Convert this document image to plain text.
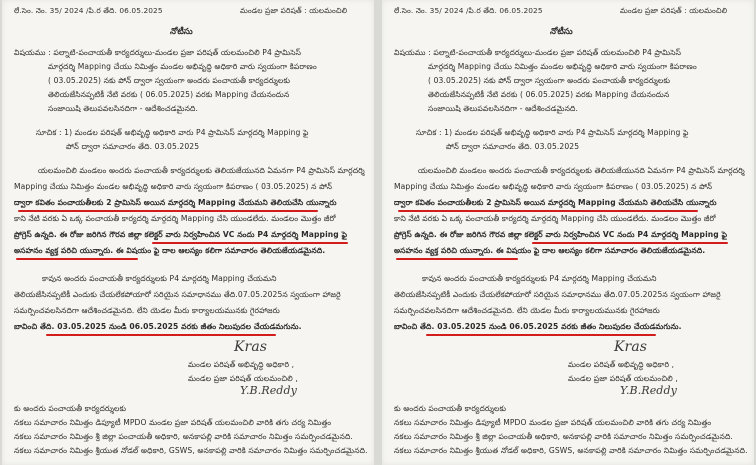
లే.సెం. నెం. 35/ 2024 /పి.ర తేది. 06.05.2025	మండల ప్రజా పరిషత్ : యలమంచిలి
నోటీసు
విషయము : పల్నాటి-పంచాయతీ కార్యదర్శులు-మండల ప్రజా పరిషత్ యలమంచిలి P4 ప్రామిసెస్
మార్గదర్శి Mapping చేయు నిమిత్తం మండల అభివృద్ధి అధికారి వారు స్వయంగా కిపరాణం
( 03.05.2025) నకు పోన్ ద్వారా స్వయంగా అందరు పంచాయతీ కార్యదర్శులకు
తెలియజేసినప్పటికీ నేటి వరకు ( 06.05.2025) వరకు Mapping చేయనందున
సంజాయిషి తెలుపవలసినదిగా - ఆదేశించడమైనది.
సూచిక : 1) మండల పరిషత్ అభివృద్ధి అధికారి వారు P4 ప్రామిసెస్ మార్గదర్శి Mapping ఫై
పోన్ ద్వారా సమాచారం తేది. 03.05.2025
యలమంచిలి మండలం అందరు పంచాయతీ కార్యదర్శులకు తెలియజేయునది ఏమనగా P4 ప్రామిసెస్ మార్గదర్శి
Mapping చేయు నిమిత్తం మండల అభివృద్ధి అధికారి వారు స్వయంగా కిపరాణం ( 03.05.2025) న పోన్
ద్వారా కవితం పంచాయతీలకు 2 ప్రామిసెస్ అయిన మార్గదర్శి Mapping చేయమని తెలియచేసి యున్నారు
కాని నేటి వరకు ఏ ఒక్క పంచాయతీ కార్యదర్శి మార్గదర్శి Mapping చేసి యుండలేదు. మండలం మొత్తం జీరో
ప్రోగ్రెస్ ఉన్నది. ఈ రోజు జరిగిన గౌరవ జిల్లా కలెక్టర్ వారు నిర్వహించిన VC నందు P4 మార్గదర్శి Mapping ఫై
అసహనం వ్యక్త పరిచి యున్నారు. ఈ విషయం ఫై దాల ఆలస్యం కలిగా సమాచారం తెలియజేయడమైనది.
కావున అందరు పంచాయతీ కార్యదర్శులకు P4 మార్గదర్శి Mapping చేయమని
తెలియజేసినప్పటికీ ఎందుకు చేయలేకపోయారో సరియైన సమాధానము తేది.07.05.2025న స్వయంగా హాజరై
సమర్పించవలసినదిగా ఆదేశించడమైనది. లేని యెడల మీరు కార్యాలయమునకు గైరహాజరు
బావించి తేది. 03.05.2025 నుండి 06.05.2025 వరకు జీతం నిలుపుదల చేయడమగును.
Kras
మండల పరిషత్ అభివృద్ధి అధికారి ,
మండల ప్రజా పరిషత్ యలమంచిలి ,
Y.B.Reddy
కు అందరు పంచాయతీ కార్యదర్శులకు
నకలు సమాచారం నిమిత్తం డిప్యూటీ MPDO మండల ప్రజా పరిషత్ యలమంచిలి వారికి తగు చర్య నిమిత్తం
నకలు సమాచారం నిమిత్తం శ్రీ జిల్లా పంచాయతీ అధికారి, అనకాపల్లి వారికి సమాచారం నిమిత్తం సమర్పించడమైనది.
నకలు సమాచారం నిమిత్తం శ్రీయుత నోడల్ అధికారి, GSWS, అనకాపల్లి వారికి సమాచారం నిమిత్తం సమర్పించడమైనది.
లే.సెం. నెం. 35/ 2024 /పి.ర తేది. 06.05.2025	మండల ప్రజా పరిషత్ : యలమంచిలి
నోటీసు
విషయము : పల్నాటి-పంచాయతీ కార్యదర్శులు-మండల ప్రజా పరిషత్ యలమంచిలి P4 ప్రామిసెస్
మార్గదర్శి Mapping చేయు నిమిత్తం మండల అభివృద్ధి అధికారి వారు స్వయంగా కిపరాణం
( 03.05.2025) నకు పోన్ ద్వారా స్వయంగా అందరు పంచాయతీ కార్యదర్శులకు
తెలియజేసినప్పటికీ నేటి వరకు ( 06.05.2025) వరకు Mapping చేయనందున
సంజాయిషి తెలుపవలసినదిగా - ఆదేశించడమైనది.
సూచిక : 1) మండల పరిషత్ అభివృద్ధి అధికారి వారు P4 ప్రామిసెస్ మార్గదర్శి Mapping ఫై
పోన్ ద్వారా సమాచారం తేది. 03.05.2025
యలమంచిలి మండలం అందరు పంచాయతీ కార్యదర్శులకు తెలియజేయునది ఏమనగా P4 ప్రామిసెస్ మార్గదర్శి
Mapping చేయు నిమిత్తం మండల అభివృద్ధి అధికారి వారు స్వయంగా కిపరాణం ( 03.05.2025) న పోన్
ద్వారా కవితం పంచాయతీలకు 2 ప్రామిసెస్ అయిన మార్గదర్శి Mapping చేయమని తెలియచేసి యున్నారు
కాని నేటి వరకు ఏ ఒక్క పంచాయతీ కార్యదర్శి మార్గదర్శి Mapping చేసి యుండలేదు. మండలం మొత్తం జీరో
ప్రోగ్రెస్ ఉన్నది. ఈ రోజు జరిగిన గౌరవ జిల్లా కలెక్టర్ వారు నిర్వహించిన VC నందు P4 మార్గదర్శి Mapping ఫై
అసహనం వ్యక్త పరిచి యున్నారు. ఈ విషయం ఫై దాల ఆలస్యం కలిగా సమాచారం తెలియజేయడమైనది.
కావున అందరు పంచాయతీ కార్యదర్శులకు P4 మార్గదర్శి Mapping చేయమని
తెలియజేసినప్పటికీ ఎందుకు చేయలేకపోయారో సరియైన సమాధానము తేది.07.05.2025న స్వయంగా హాజరై
సమర్పించవలసినదిగా ఆదేశించడమైనది. లేని యెడల మీరు కార్యాలయమునకు గైరహాజరు
బావించి తేది. 03.05.2025 నుండి 06.05.2025 వరకు జీతం నిలుపుదల చేయడమగును.
Kras
మండల పరిషత్ అభివృద్ధి అధికారి ,
మండల ప్రజా పరిషత్ యలమంచిలి ,
Y.B.Reddy
కు అందరు పంచాయతీ కార్యదర్శులకు
నకలు సమాచారం నిమిత్తం డిప్యూటీ MPDO మండల ప్రజా పరిషత్ యలమంచిలి వారికి తగు చర్య నిమిత్తం
నకలు సమాచారం నిమిత్తం శ్రీ జిల్లా పంచాయతీ అధికారి, అనకాపల్లి వారికి సమాచారం నిమిత్తం సమర్పించడమైనది.
నకలు సమాచారం నిమిత్తం శ్రీయుత నోడల్ అధికారి, GSWS, అనకాపల్లి వారికి సమాచారం నిమిత్తం సమర్పించడమైనది.
